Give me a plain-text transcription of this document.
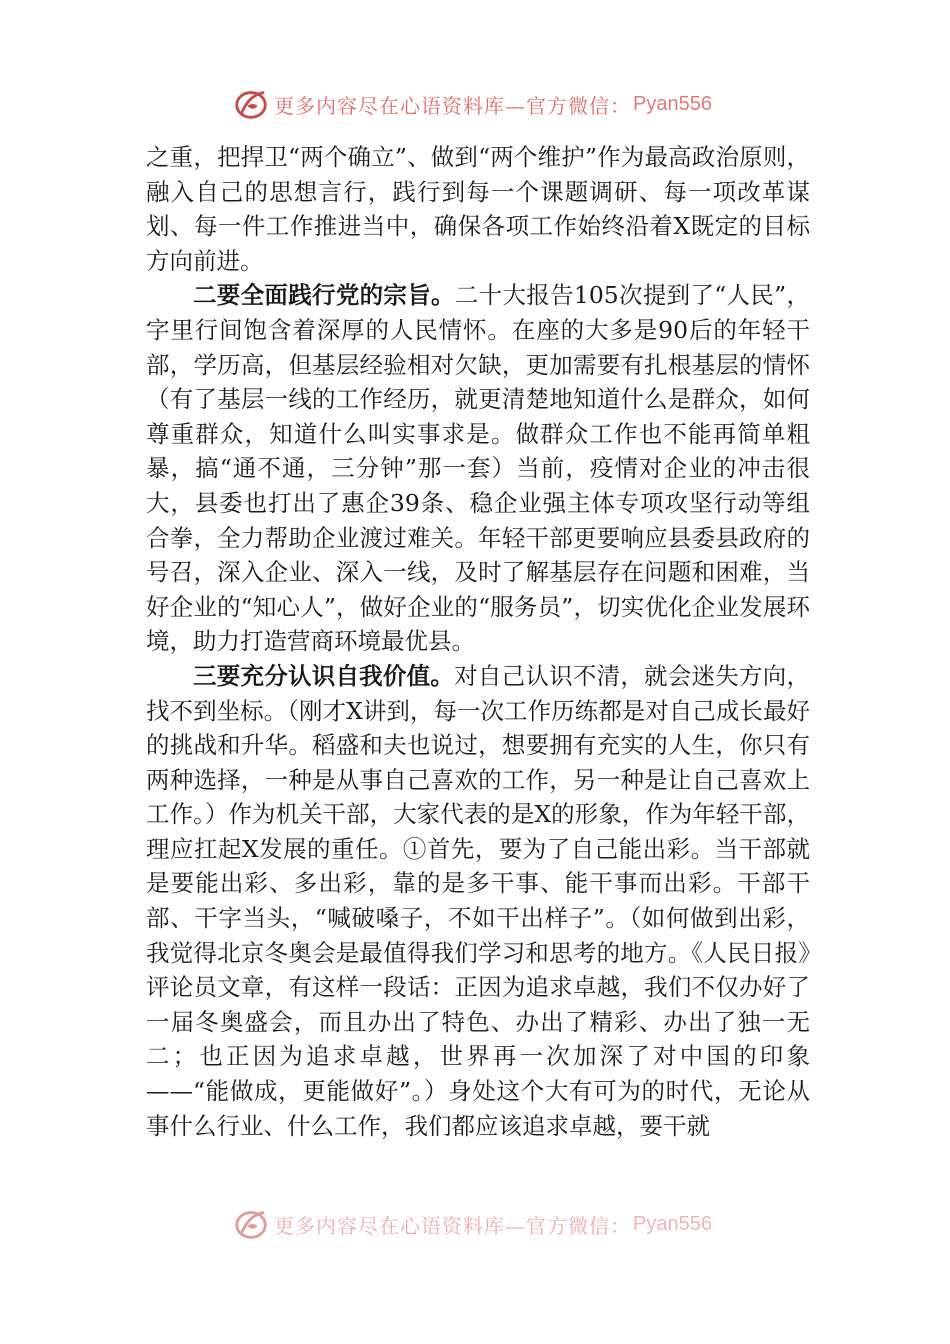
更多内容尽在心语资料库—官方微信： Pyan556

之重，把捍卫“两个确立”、做到“两个维护”作为最高政治原则，融入自己的思想言行，践行到每一个课题调研、每一项改革谋划、每一件工作推进当中，确保各项工作始终沿着X既定的目标方向前进。

二要全面践行党的宗旨。二十大报告105次提到了“人民”，字里行间饱含着深厚的人民情怀。在座的大多是90后的年轻干部，学历高，但基层经验相对欠缺，更加需要有扎根基层的情怀（有了基层一线的工作经历，就更清楚地知道什么是群众，如何尊重群众，知道什么叫实事求是。做群众工作也不能再简单粗暴，搞“通不通，三分钟”那一套）当前，疫情对企业的冲击很大，县委也打出了惠企39条、稳企业强主体专项攻坚行动等组合拳，全力帮助企业渡过难关。年轻干部更要响应县委县政府的号召，深入企业、深入一线，及时了解基层存在问题和困难，当好企业的“知心人”，做好企业的“服务员”，切实优化企业发展环境，助力打造营商环境最优县。

三要充分认识自我价值。对自己认识不清，就会迷失方向，找不到坐标。（刚才X讲到，每一次工作历练都是对自己成长最好的挑战和升华。稻盛和夫也说过，想要拥有充实的人生，你只有两种选择，一种是从事自己喜欢的工作，另一种是让自己喜欢上工作。）作为机关干部，大家代表的是X的形象，作为年轻干部，理应扛起X发展的重任。①首先，要为了自己能出彩。当干部就是要能出彩、多出彩，靠的是多干事、能干事而出彩。干部干部、干字当头，“喊破嗓子，不如干出样子”。（如何做到出彩，我觉得北京冬奥会是最值得我们学习和思考的地方。《人民日报》评论员文章，有这样一段话：正因为追求卓越，我们不仅办好了一届冬奥盛会，而且办出了特色、办出了精彩、办出了独一无二；也正因为追求卓越，世界再一次加深了对中国的印象——“能做成，更能做好”。）身处这个大有可为的时代，无论从事什么行业、什么工作，我们都应该追求卓越，要干就

更多内容尽在心语资料库—官方微信： Pyan556
